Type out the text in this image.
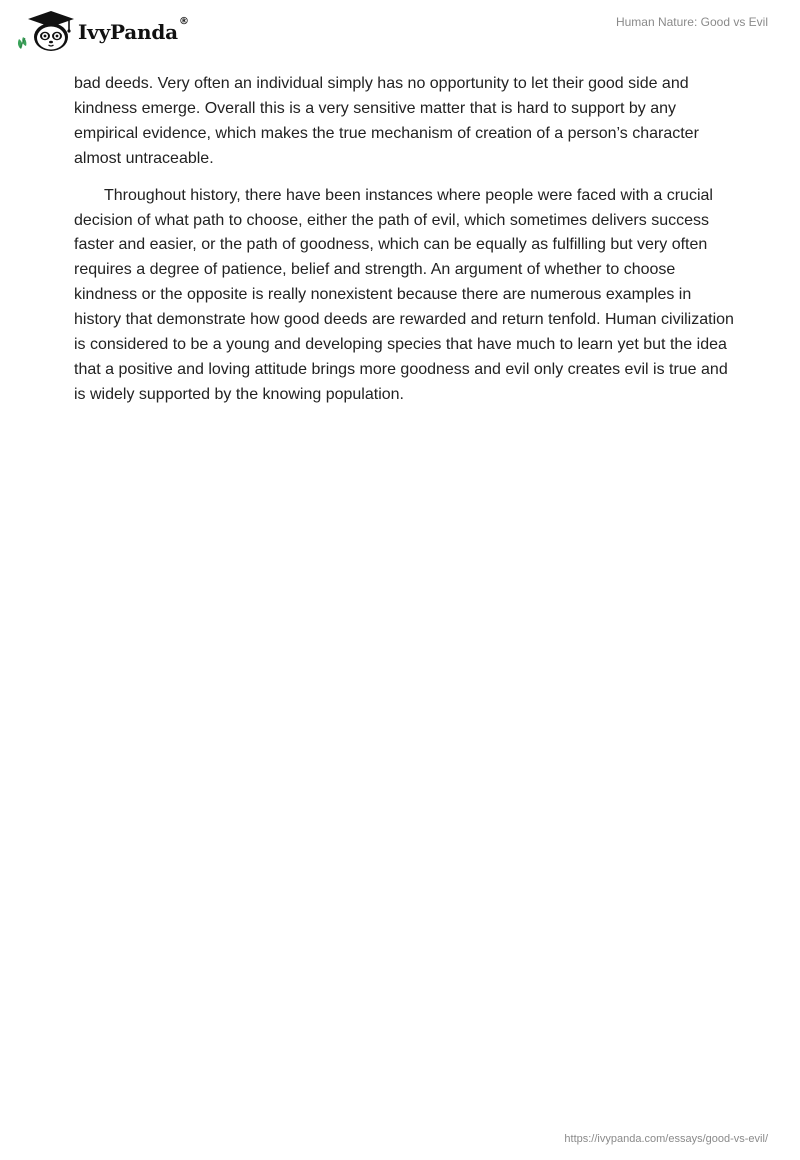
IvyPanda ®	Human Nature: Good vs Evil

bad deeds. Very often an individual simply has no opportunity to let their good side and kindness emerge. Overall this is a very sensitive matter that is hard to support by any empirical evidence, which makes the true mechanism of creation of a person’s character almost untraceable.

Throughout history, there have been instances where people were faced with a crucial decision of what path to choose, either the path of evil, which sometimes delivers success faster and easier, or the path of goodness, which can be equally as fulfilling but very often requires a degree of patience, belief and strength. An argument of whether to choose kindness or the opposite is really nonexistent because there are numerous examples in history that demonstrate how good deeds are rewarded and return tenfold. Human civilization is considered to be a young and developing species that have much to learn yet but the idea that a positive and loving attitude brings more goodness and evil only creates evil is true and is widely supported by the knowing population.

https://ivypanda.com/essays/good-vs-evil/
